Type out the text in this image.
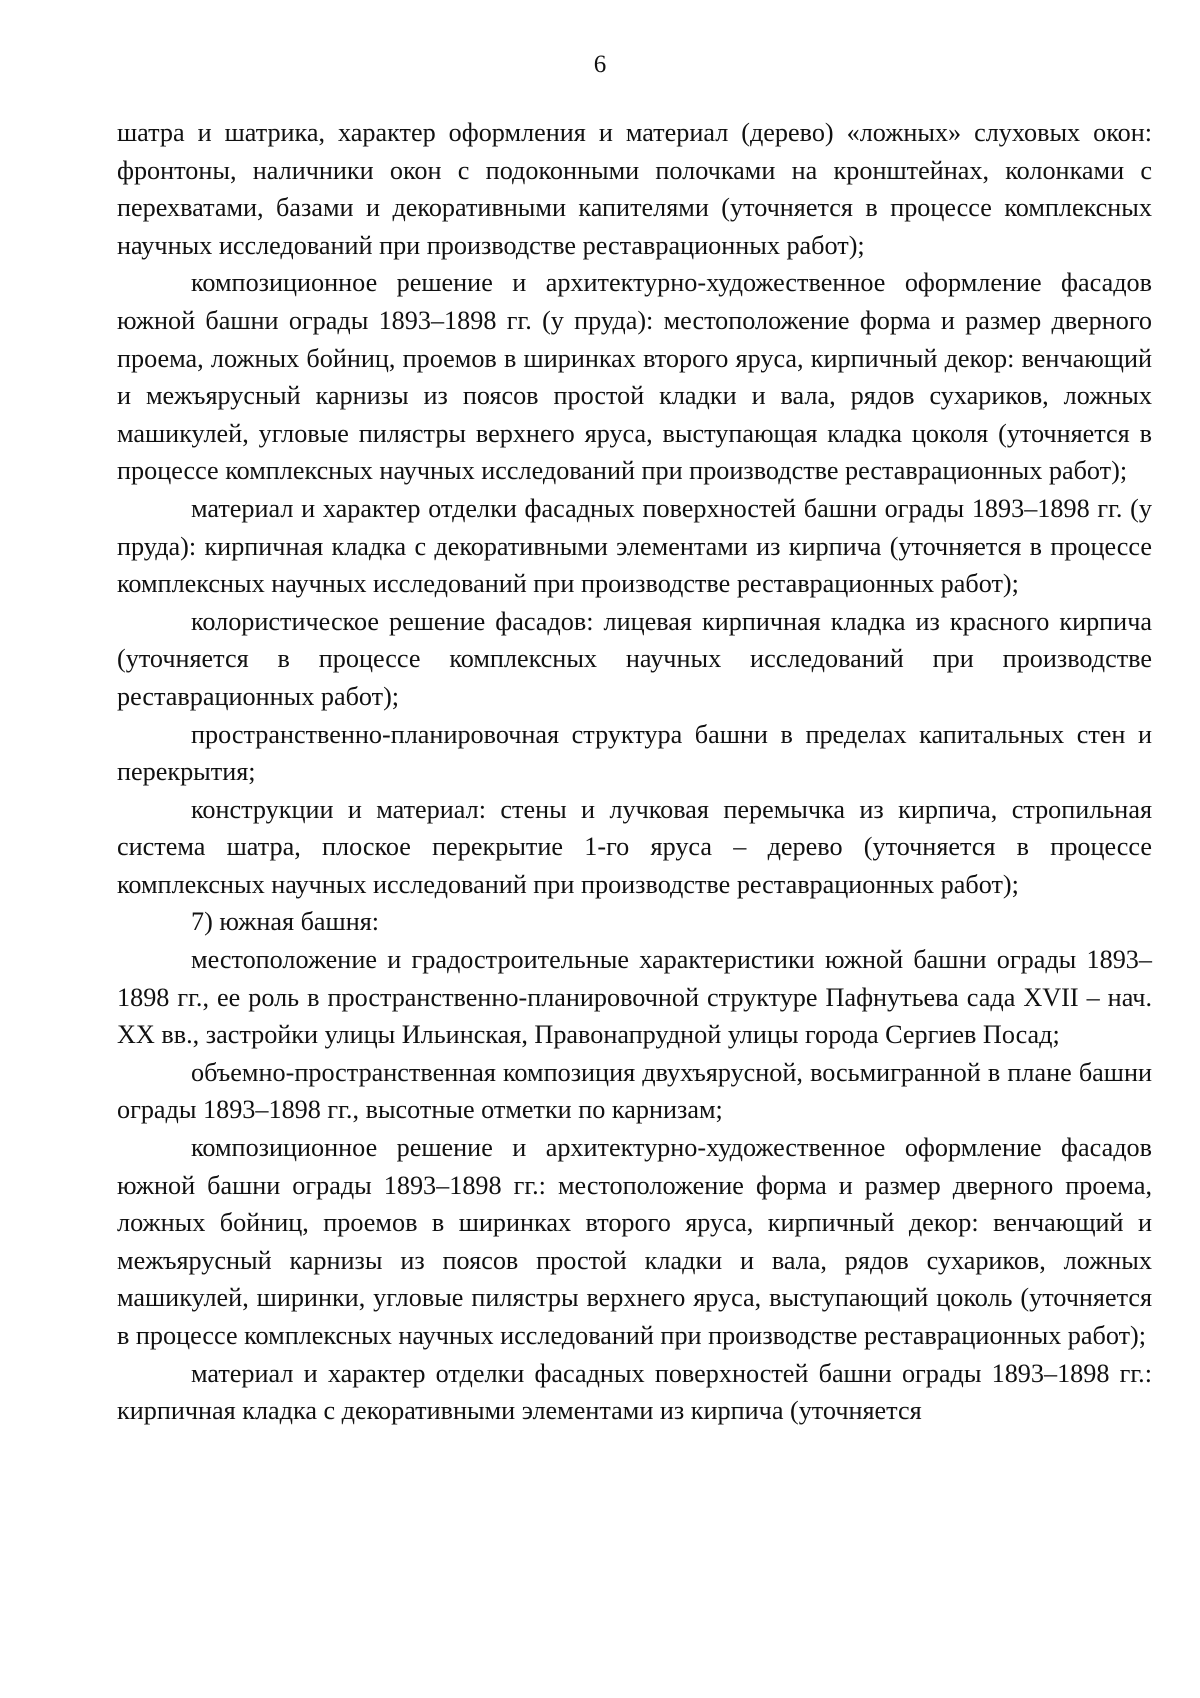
6

шатра и шатрика, характер оформления и материал (дерево) «ложных» слуховых окон: фронтоны, наличники окон с подоконными полочками на кронштейнах, колонками с перехватами, базами и декоративными капителями (уточняется в процессе комплексных научных исследований при производстве реставрационных работ);

композиционное решение и архитектурно-художественное оформление фасадов южной башни ограды 1893–1898 гг. (у пруда): местоположение форма и размер дверного проема, ложных бойниц, проемов в ширинках второго яруса, кирпичный декор: венчающий и межъярусный карнизы из поясов простой кладки и вала, рядов сухариков, ложных машикулей, угловые пилястры верхнего яруса, выступающая кладка цоколя (уточняется в процессе комплексных научных исследований при производстве реставрационных работ);

материал и характер отделки фасадных поверхностей башни ограды 1893–1898 гг. (у пруда): кирпичная кладка с декоративными элементами из кирпича (уточняется в процессе комплексных научных исследований при производстве реставрационных работ);

колористическое решение фасадов: лицевая кирпичная кладка из красного кирпича (уточняется в процессе комплексных научных исследований при производстве реставрационных работ);

пространственно-планировочная структура башни в пределах капитальных стен и перекрытия;

конструкции и материал: стены и лучковая перемычка из кирпича, стропильная система шатра, плоское перекрытие 1-го яруса – дерево (уточняется в процессе комплексных научных исследований при производстве реставрационных работ);

7) южная башня:

местоположение и градостроительные характеристики южной башни ограды 1893–1898 гг., ее роль в пространственно-планировочной структуре Пафнутьева сада XVII – нач. XX вв., застройки улицы Ильинская, Правонапрудной улицы города Сергиев Посад;

объемно-пространственная композиция двухъярусной, восьмигранной в плане башни ограды 1893–1898 гг., высотные отметки по карнизам;

композиционное решение и архитектурно-художественное оформление фасадов южной башни ограды 1893–1898 гг.: местоположение форма и размер дверного проема, ложных бойниц, проемов в ширинках второго яруса, кирпичный декор: венчающий и межъярусный карнизы из поясов простой кладки и вала, рядов сухариков, ложных машикулей, ширинки, угловые пилястры верхнего яруса, выступающий цоколь (уточняется в процессе комплексных научных исследований при производстве реставрационных работ);

материал и характер отделки фасадных поверхностей башни ограды 1893–1898 гг.: кирпичная кладка с декоративными элементами из кирпича (уточняется
